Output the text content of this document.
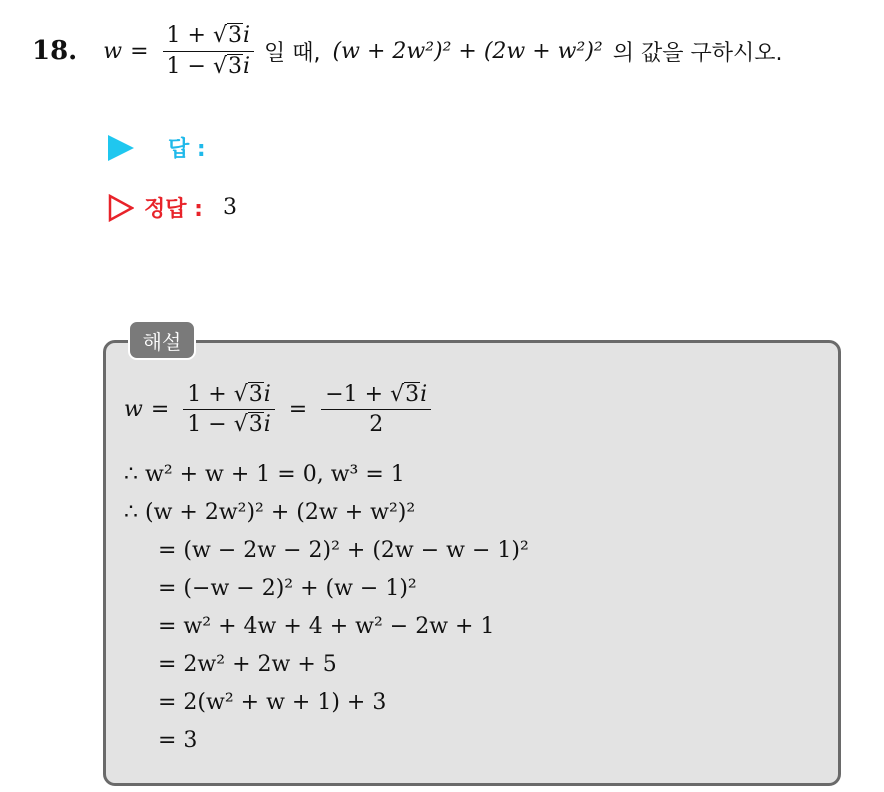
18. $w = \frac{1 + √ 3 i}{1 - √ 3 i}$ 일 때, (w + 2w²)² + (2w + w²)² 의 값을 구하시오.
답 :
정답 : 3
해설
$w = \frac{1 + √ 3 i}{1 - √ 3 i} = \frac{-1 + √ 3 i}{2}$
∴ w² + w + 1 = 0, w³ = 1
∴ (w + 2w²)² + (2w + w²)²
= (w − 2w − 2)² + (2w − w − 1)²
= (−w − 2)² + (w − 1)²
= w² + 4w + 4 + w² − 2w + 1
= 2w² + 2w + 5
= 2(w² + w + 1) + 3
= 3
